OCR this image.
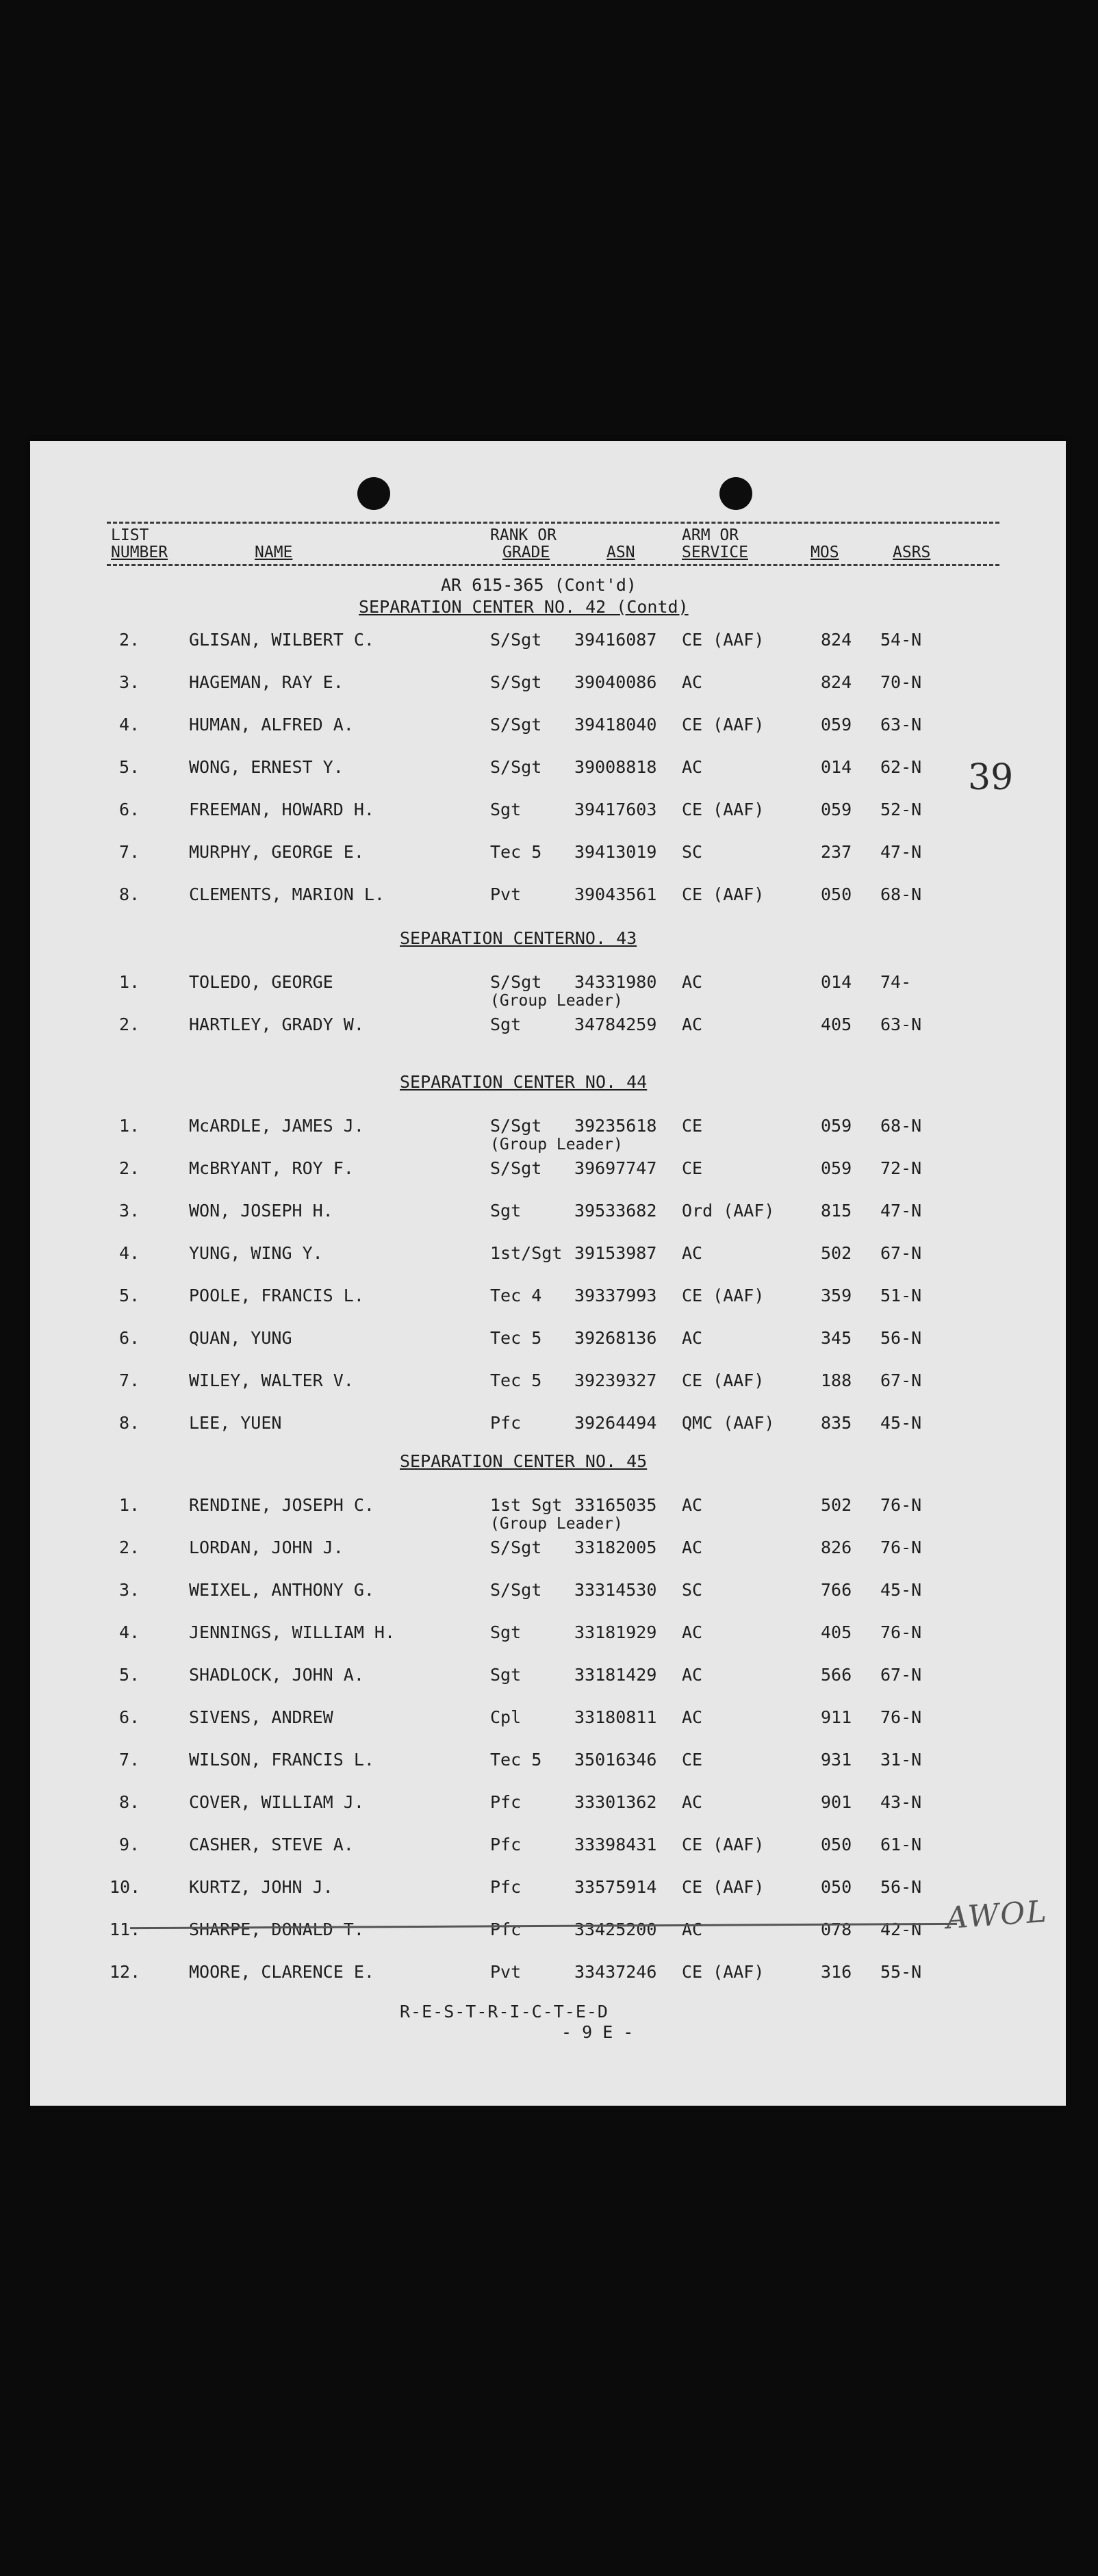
LIST
NUMBER	NAME
RANK OR
GRADE	ASN
ARM OR
SERVICE	MOS	ASRS
AR 615-365 (Cont'd)
SEPARATION CENTER NO. 42 (Contd)
2.	GLISAN, WILBERT C.	S/Sgt 39416087 CE (AAF)	824 54-N
3.	HAGEMAN, RAY E.	S/Sgt 39040086 AC	824 70-N
4.	HUMAN, ALFRED A.	S/Sgt 39418040 CE (AAF)	059 63-N
5.	WONG, ERNEST Y.	S/Sgt 39008818 AC	014 62-N
6.	FREEMAN, HOWARD H.	Sgt	39417603 CE (AAF)	059 52-N
7.	MURPHY, GEORGE E.	Tec 5 39413019 SC	237 47-N
8.	CLEMENTS, MARION L.	Pvt	39043561 CE (AAF)	050 68-N
SEPARATION CENTERNO. 43
1.	TOLEDO, GEORGE	S/Sgt 34331980 AC	014 74-
(Group Leader)
2.	HARTLEY, GRADY W.	Sgt	34784259 AC	405 63-N
SEPARATION CENTER NO. 44
1.	McARDLE, JAMES J.	S/Sgt 39235618 CE	059 68-N
(Group Leader)
2.	McBRYANT, ROY F.	S/Sgt 39697747 CE	059 72-N
3.	WON, JOSEPH H.	Sgt	39533682 Ord (AAF)	815 47-N
4.	YUNG, WING Y.	1st/Sgt 39153987 AC	502 67-N
5.	POOLE, FRANCIS L.	Tec 4 39337993 CE (AAF)	359 51-N
6.	QUAN, YUNG	Tec 5 39268136 AC	345 56-N
7.	WILEY, WALTER V.	Tec 5 39239327 CE (AAF)	188 67-N
8.	LEE, YUEN	Pfc	39264494 QMC (AAF)	835 45-N
SEPARATION CENTER NO. 45
1.	RENDINE, JOSEPH C.	1st Sgt 33165035 AC	502 76-N
(Group Leader)
2.	LORDAN, JOHN J.	S/Sgt 33182005 AC	826 76-N
3.	WEIXEL, ANTHONY G.	S/Sgt 33314530 SC	766 45-N
4.	JENNINGS, WILLIAM H.	Sgt	33181929 AC	405 76-N
5.	SHADLOCK, JOHN A.	Sgt	33181429 AC	566 67-N
6.	SIVENS, ANDREW	Cpl	33180811 AC	911 76-N
7.	WILSON, FRANCIS L.	Tec 5 35016346 CE	931 31-N
8.	COVER, WILLIAM J.	Pfc	33301362 AC	901 43-N
9.	CASHER, STEVE A.	Pfc	33398431 CE (AAF)	050 61-N
10.	KURTZ, JOHN J.	Pfc	33575914 CE (AAF)	050 56-N
11.	SHARPE, DONALD T.	Pfc	33425200 AC	078 42-N
12.	MOORE, CLARENCE E.	Pvt	33437246 CE (AAF)	316 55-N
AWOL
39
R-E-S-T-R-I-C-T-E-D
- 9 E -
